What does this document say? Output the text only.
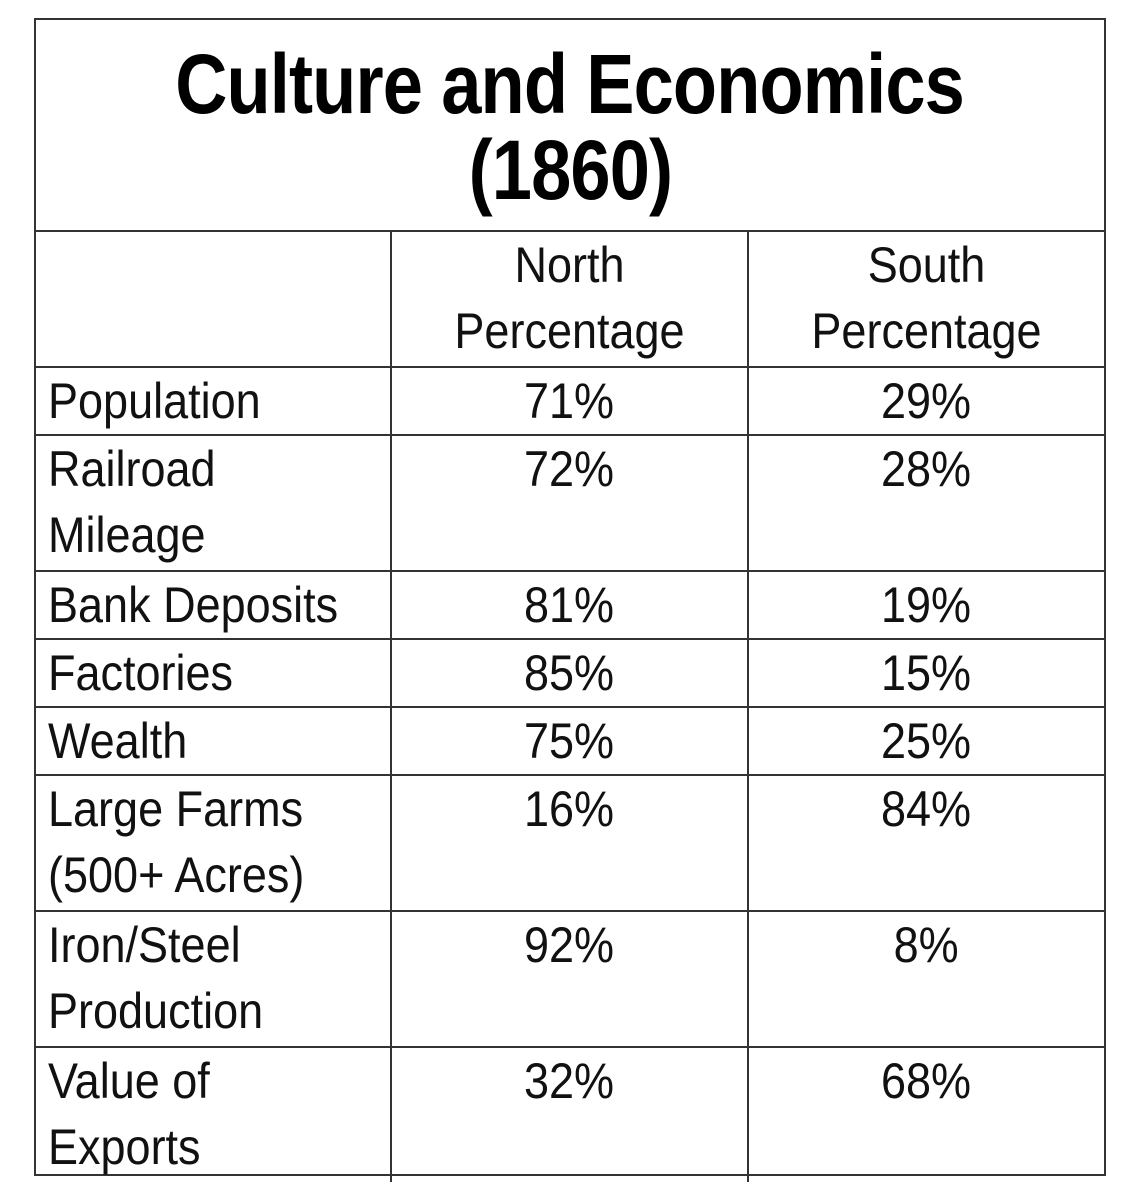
Culture and Economics
(1860)

	North
Percentage	South
Percentage

Population	71%	29%
Railroad
Mileage	72%	28%
Bank Deposits	81%	19%
Factories	85%	15%
Wealth	75%	25%
Large Farms
(500+ Acres)	16%	84%
Iron/Steel
Production	92%	8%
Value of
Exports	32%	68%
